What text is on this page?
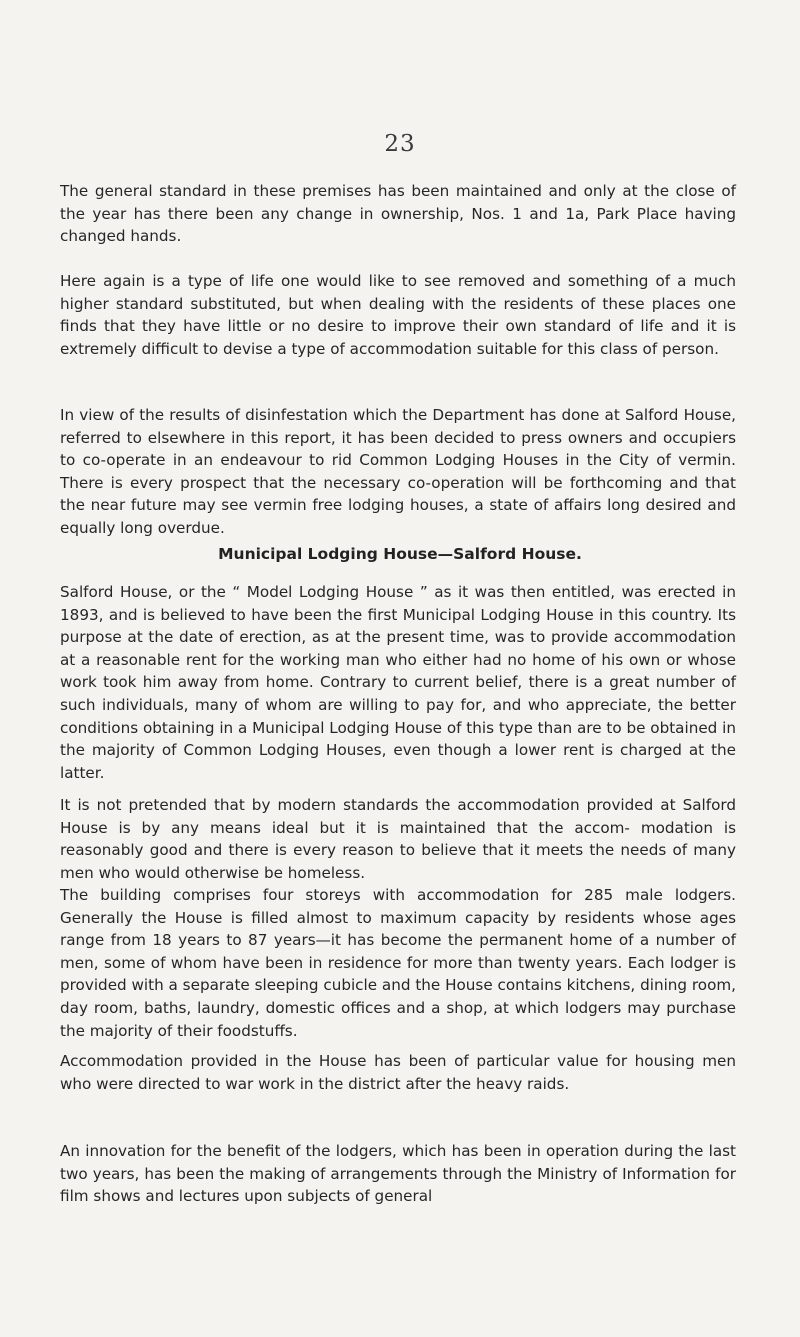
23

The general standard in these premises has been maintained and only at the close of the year has there been any change in ownership, Nos. 1 and 1a, Park Place having changed hands.

Here again is a type of life one would like to see removed and something of a much higher standard substituted, but when dealing with the residents of these places one finds that they have little or no desire to improve their own standard of life and it is extremely difficult to devise a type of accommodation suitable for this class of person.

In view of the results of disinfestation which the Department has done at Salford House, referred to elsewhere in this report, it has been decided to press owners and occupiers to co-operate in an endeavour to rid Common Lodging Houses in the City of vermin. There is every prospect that the necessary co-operation will be forthcoming and that the near future may see vermin free lodging houses, a state of affairs long desired and equally long overdue.

Municipal Lodging House—Salford House.

Salford House, or the “ Model Lodging House ” as it was then entitled, was erected in 1893, and is believed to have been the first Municipal Lodging House in this country. Its purpose at the date of erection, as at the present time, was to provide accommodation at a reasonable rent for the working man who either had no home of his own or whose work took him away from home. Contrary to current belief, there is a great number of such individuals, many of whom are willing to pay for, and who appreciate, the better conditions obtaining in a Municipal Lodging House of this type than are to be obtained in the majority of Common Lodging Houses, even though a lower rent is charged at the latter.

It is not pretended that by modern standards the accommodation provided at Salford House is by any means ideal but it is maintained that the accom- modation is reasonably good and there is every reason to believe that it meets the needs of many men who would otherwise be homeless.

The building comprises four storeys with accommodation for 285 male lodgers. Generally the House is filled almost to maximum capacity by residents whose ages range from 18 years to 87 years—it has become the permanent home of a number of men, some of whom have been in residence for more than twenty years. Each lodger is provided with a separate sleeping cubicle and the House contains kitchens, dining room, day room, baths, laundry, domestic offices and a shop, at which lodgers may purchase the majority of their foodstuffs.

Accommodation provided in the House has been of particular value for housing men who were directed to war work in the district after the heavy raids.

An innovation for the benefit of the lodgers, which has been in operation during the last two years, has been the making of arrangements through the Ministry of Information for film shows and lectures upon subjects of general
